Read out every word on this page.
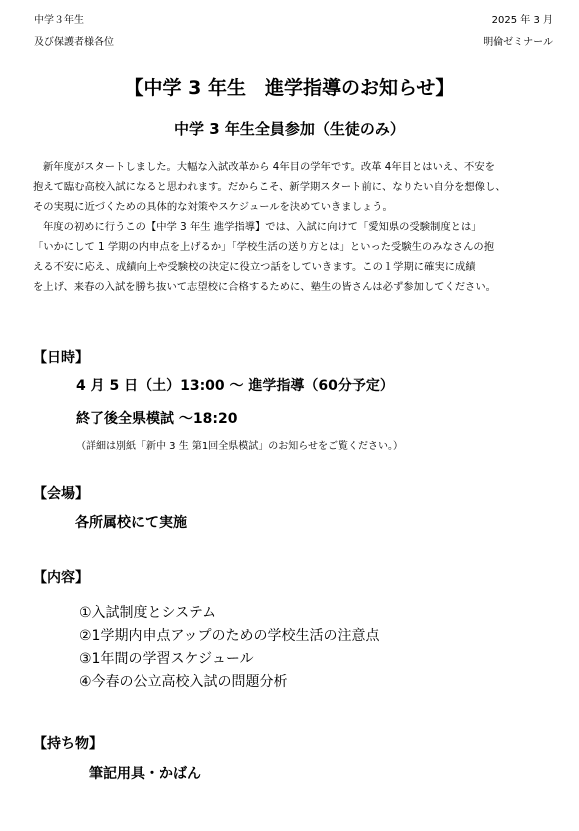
中学３年生
及び保護者様各位
2025 年 3 月
明倫ゼミナール
【中学 3 年生　進学指導のお知らせ】
中学 3 年生全員参加（生徒のみ）

新年度がスタートしました。大幅な入試改革から 4年目の学年です。改革 4年目とはいえ、不安を

抱えて臨む高校入試になると思われます。だからこそ、新学期スタート前に、なりたい自分を想像し、

その実現に近づくための具体的な対策やスケジュールを決めていきましょう。

年度の初めに行うこの【中学 3 年生 進学指導】では、入試に向けて「愛知県の受験制度とは」

「いかにして 1 学期の内申点を上げるか」「学校生活の送り方とは」といった受験生のみなさんの抱

える不安に応え、成績向上や受験校の決定に役立つ話をしていきます。この１学期に確実に成績

を上げ、来春の入試を勝ち抜いて志望校に合格するために、塾生の皆さんは必ず参加してください。

【日時】
4 月 5 日（土）13:00 ～ 進学指導（60分予定）
終了後全県模試 ～18:20
（詳細は別紙「新中 3 生 第1回全県模試」のお知らせをご覧ください。）
【会場】
各所属校にて実施
【内容】
①入試制度とシステム
②1学期内申点アップのための学校生活の注意点
③1年間の学習スケジュール
④今春の公立高校入試の問題分析
【持ち物】
筆記用具・かばん
